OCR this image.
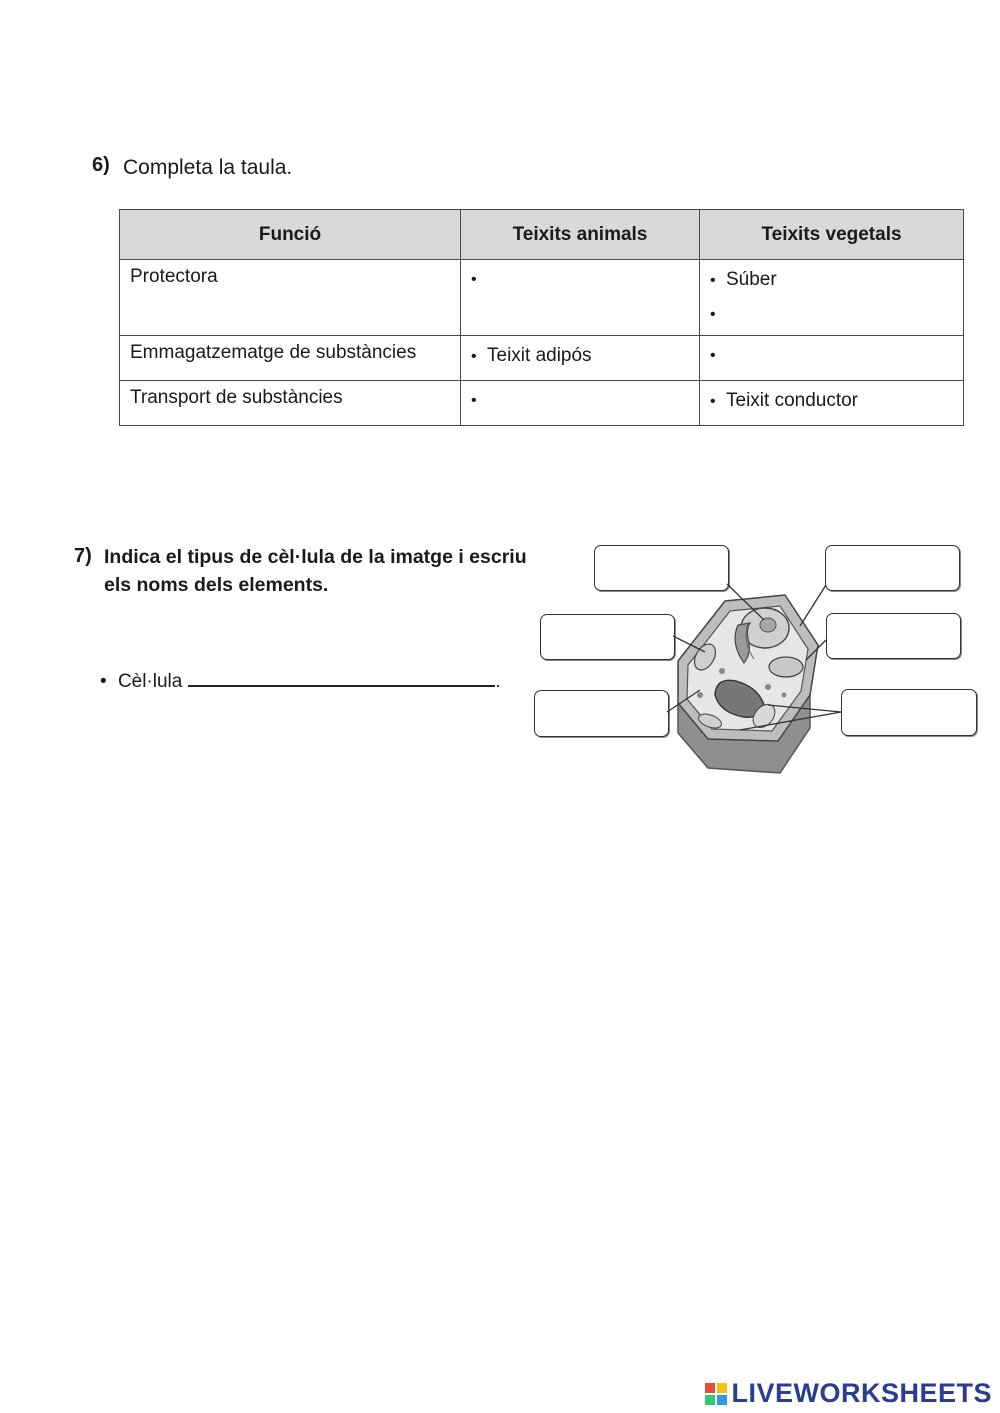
6) Completa la taula.
Funció	Teixits animals	Teixits vegetals
Protectora	•	• Súber
•

Emmagatzematge de substàncies	• Teixit adipós	•

Transport de substàncies	•	• Teixit conductor
7) Indica el tipus de cèl·lula de la imatge i escriu
els noms dels elements.
• Cèl·lula	.
LIVEWORKSHEETS
